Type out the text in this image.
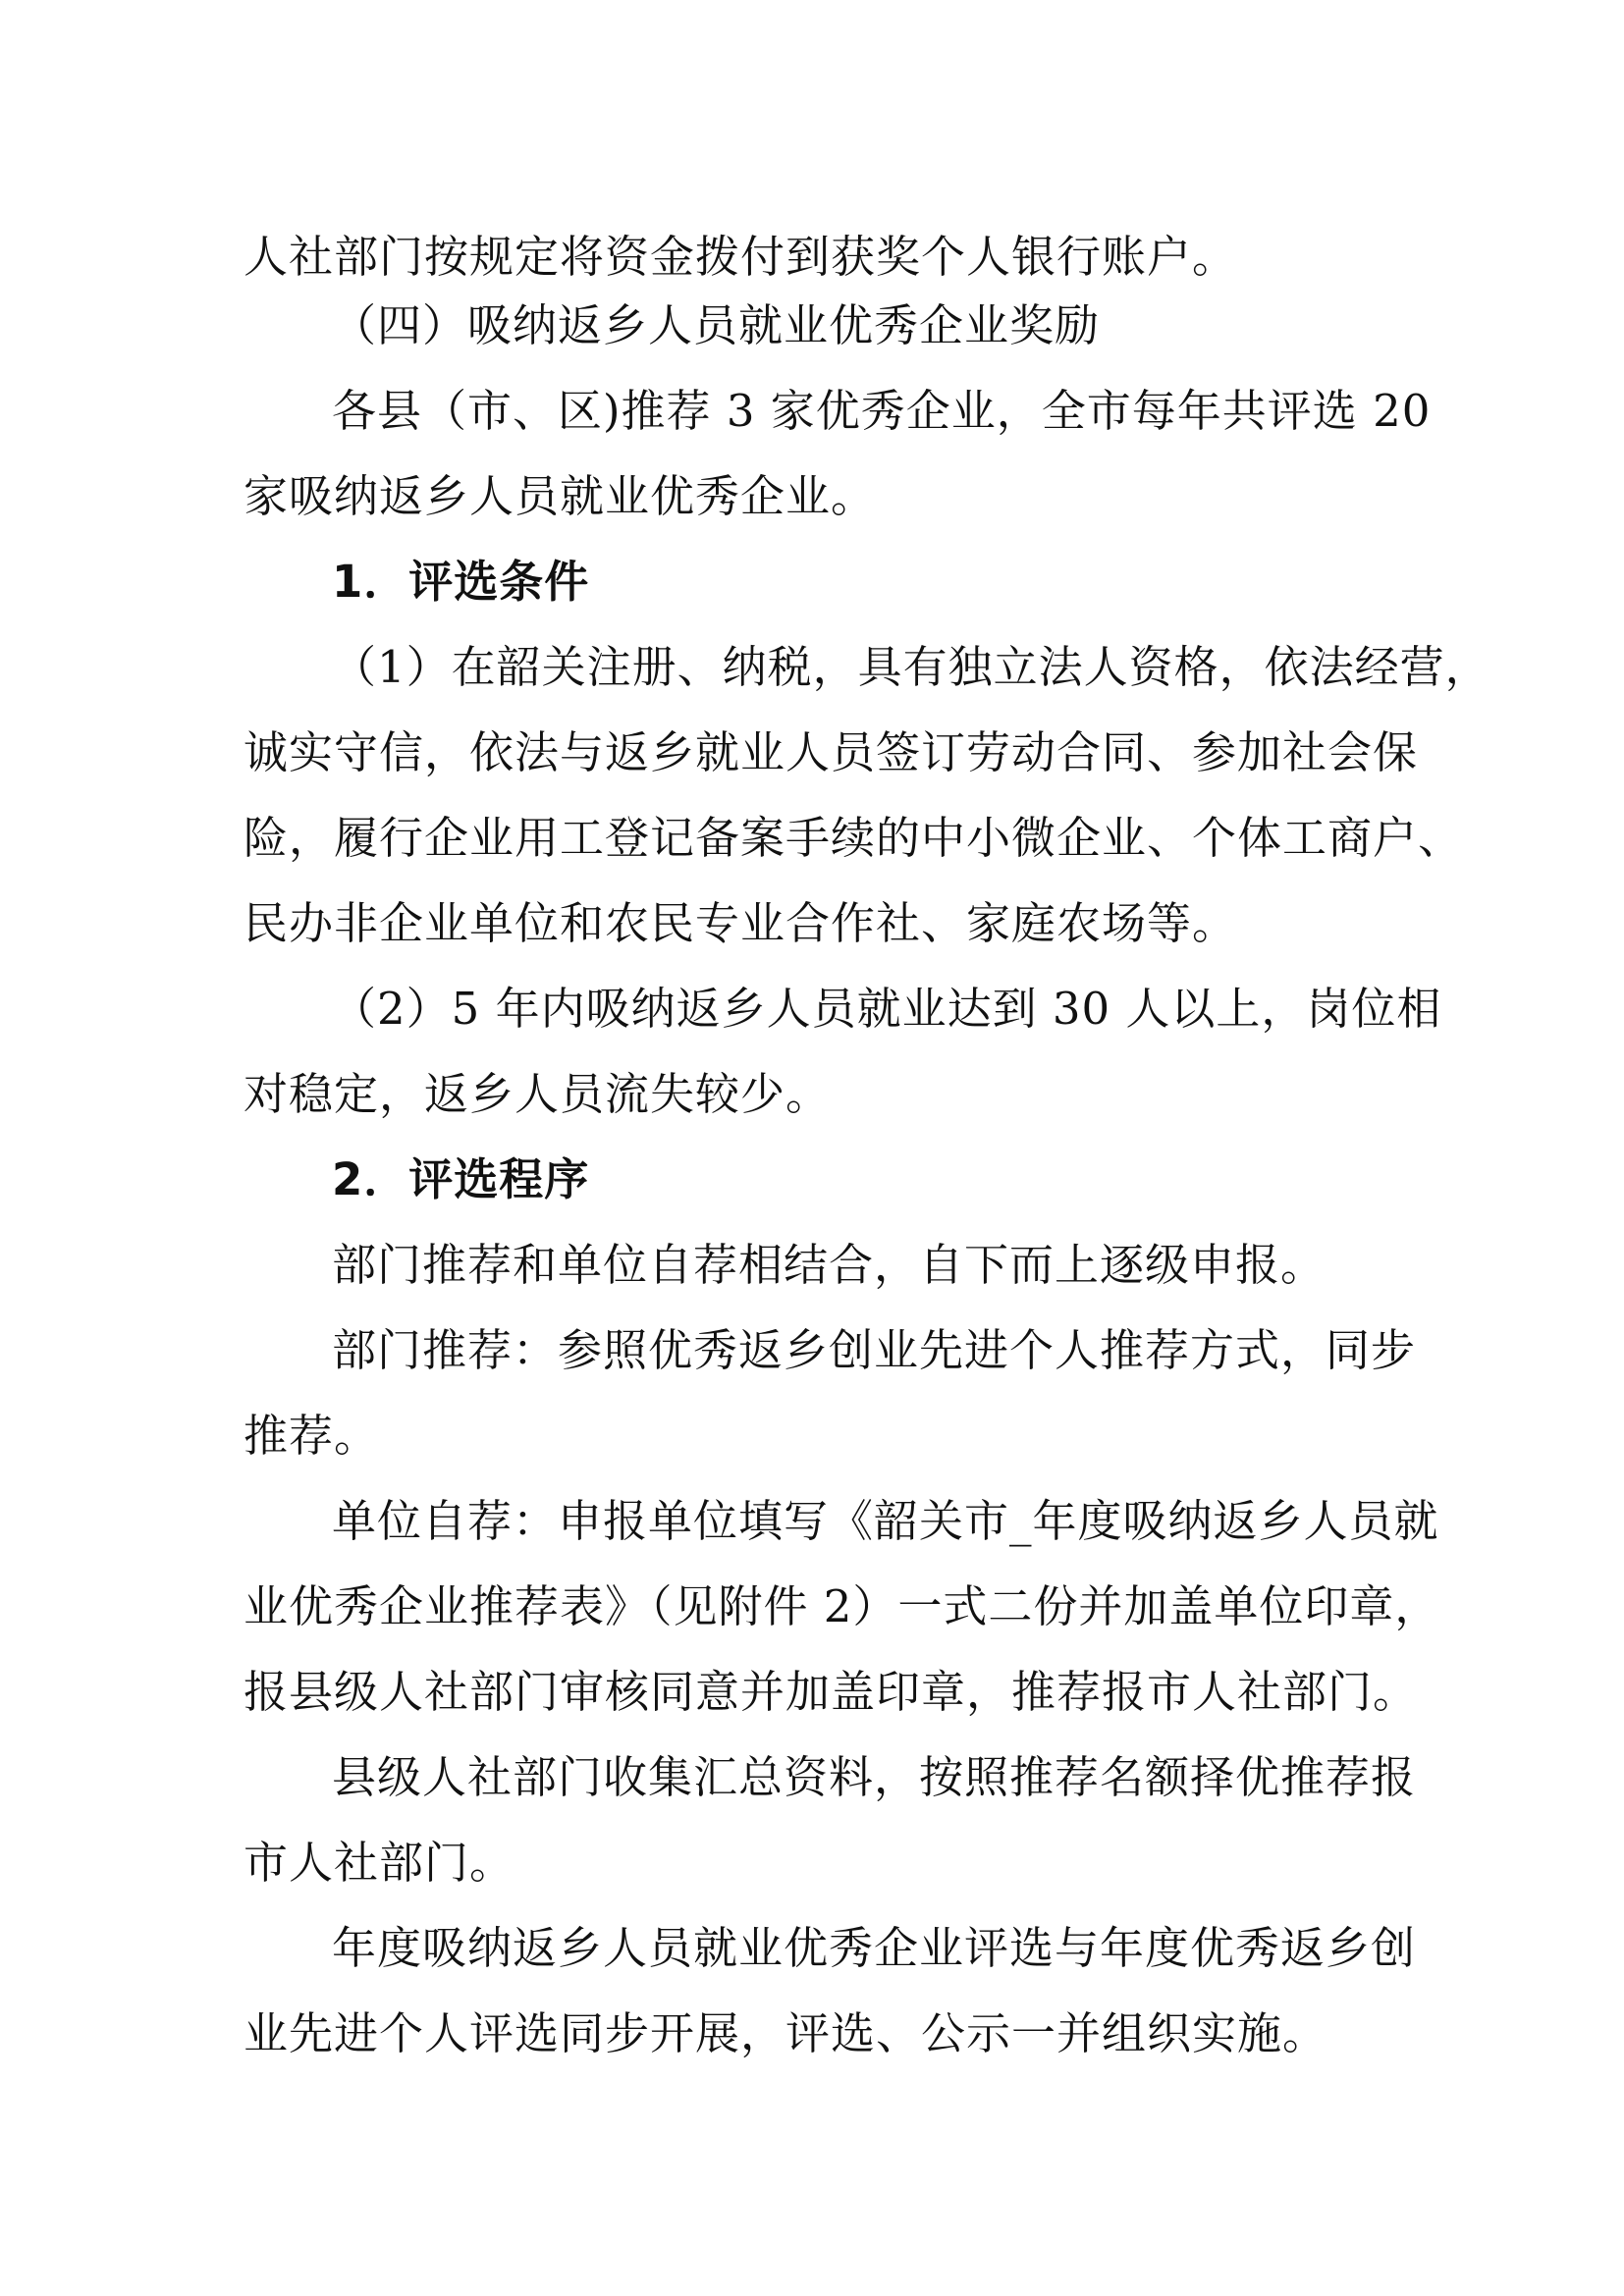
人社部门按规定将资金拨付到获奖个人银行账户。
（四）吸纳返乡人员就业优秀企业奖励
各县（市、区)推荐 3 家优秀企业，全市每年共评选 20
家吸纳返乡人员就业优秀企业。
1．评选条件
（1）在韶关注册、纳税，具有独立法人资格，依法经营，
诚实守信，依法与返乡就业人员签订劳动合同、参加社会保
险，履行企业用工登记备案手续的中小微企业、个体工商户、
民办非企业单位和农民专业合作社、家庭农场等。
（2）5 年内吸纳返乡人员就业达到 30 人以上，岗位相
对稳定，返乡人员流失较少。
2．评选程序
部门推荐和单位自荐相结合，自下而上逐级申报。
部门推荐：参照优秀返乡创业先进个人推荐方式，同步
推荐。
单位自荐：申报单位填写《韶关市_年度吸纳返乡人员就
业优秀企业推荐表》（见附件 2）一式二份并加盖单位印章，
报县级人社部门审核同意并加盖印章，推荐报市人社部门。
县级人社部门收集汇总资料，按照推荐名额择优推荐报
市人社部门。
年度吸纳返乡人员就业优秀企业评选与年度优秀返乡创
业先进个人评选同步开展，评选、公示一并组织实施。
